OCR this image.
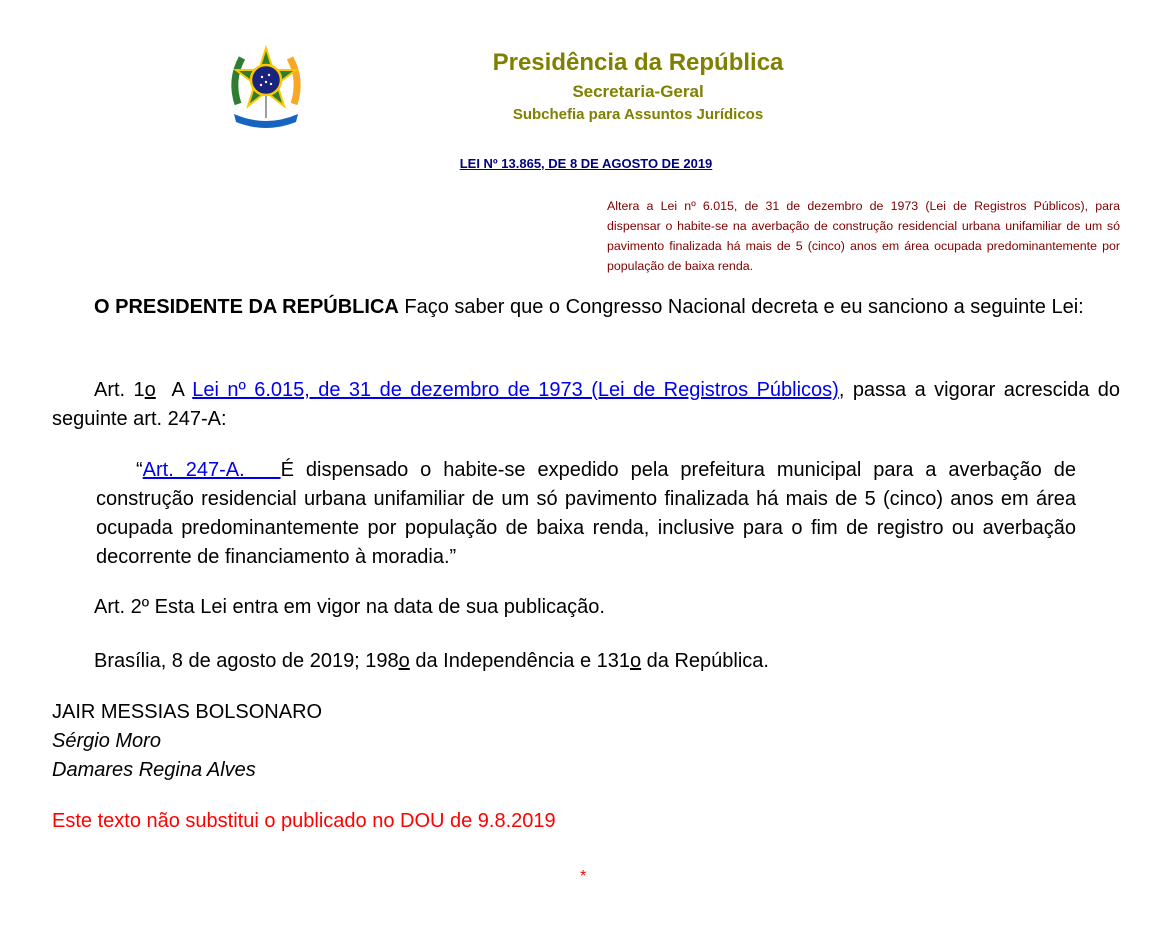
Presidência da República
Secretaria-Geral
Subchefia para Assuntos Jurídicos
LEI Nº 13.865, DE 8 DE AGOSTO DE 2019
Altera a Lei nº 6.015, de 31 de dezembro de 1973 (Lei de Registros Públicos), para dispensar o habite-se na averbação de construção residencial urbana unifamiliar de um só pavimento finalizada há mais de 5 (cinco) anos em área ocupada predominantemente por população de baixa renda.
O PRESIDENTE DA REPÚBLICA Faço saber que o Congresso Nacional decreta e eu sanciono a seguinte Lei:
Art. 1o  A Lei nº 6.015, de 31 de dezembro de 1973 (Lei de Registros Públicos), passa a vigorar acrescida do seguinte art. 247-A:
“Art. 247-A.   É dispensado o habite-se expedido pela prefeitura municipal para a averbação de construção residencial urbana unifamiliar de um só pavimento finalizada há mais de 5 (cinco) anos em área ocupada predominantemente por população de baixa renda, inclusive para o fim de registro ou averbação decorrente de financiamento à moradia.”
Art. 2º Esta Lei entra em vigor na data de sua publicação.
Brasília, 8 de agosto de 2019; 198o da Independência e 131o da República.
JAIR MESSIAS BOLSONARO
Sérgio Moro
Damares Regina Alves
Este texto não substitui o publicado no DOU de 9.8.2019
*
